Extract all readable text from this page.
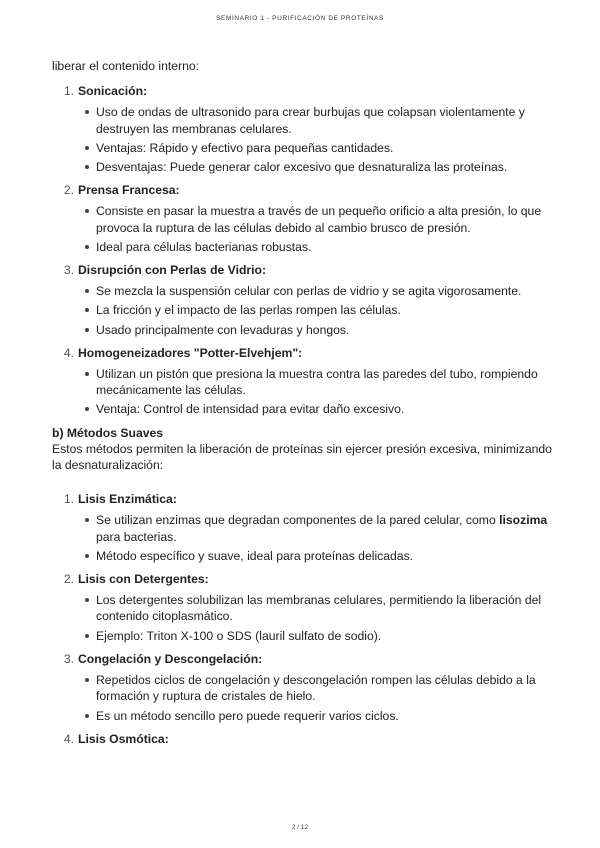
SEMINARIO 1 - PURIFICACIÓN DE PROTEÍNAS

liberar el contenido interno:

1. Sonicación:
Uso de ondas de ultrasonido para crear burbujas que colapsan violentamente y destruyen las membranas celulares.
Ventajas: Rápido y efectivo para pequeñas cantidades.
Desventajas: Puede generar calor excesivo que desnaturaliza las proteínas.
2. Prensa Francesa:
Consiste en pasar la muestra a través de un pequeño orificio a alta presión, lo que provoca la ruptura de las células debido al cambio brusco de presión.
Ideal para células bacterianas robustas.
3. Disrupción con Perlas de Vidrio:
Se mezcla la suspensión celular con perlas de vidrio y se agita vigorosamente.
La fricción y el impacto de las perlas rompen las células.
Usado principalmente con levaduras y hongos.
4. Homogeneizadores "Potter-Elvehjem":
Utilizan un pistón que presiona la muestra contra las paredes del tubo, rompiendo mecánicamente las células.
Ventaja: Control de intensidad para evitar daño excesivo.

b) Métodos Suaves

Estos métodos permiten la liberación de proteínas sin ejercer presión excesiva, minimizando la desnaturalización:

1. Lisis Enzimática:
Se utilizan enzimas que degradan componentes de la pared celular, como lisozima para bacterias.
Método específico y suave, ideal para proteínas delicadas.
2. Lisis con Detergentes:
Los detergentes solubilizan las membranas celulares, permitiendo la liberación del contenido citoplasmático.
Ejemplo: Triton X-100 o SDS (lauril sulfato de sodio).
3. Congelación y Descongelación:
Repetidos ciclos de congelación y descongelación rompen las células debido a la formación y ruptura de cristales de hielo.
Es un método sencillo pero puede requerir varios ciclos.
4. Lisis Osmótica:
2 / 12
